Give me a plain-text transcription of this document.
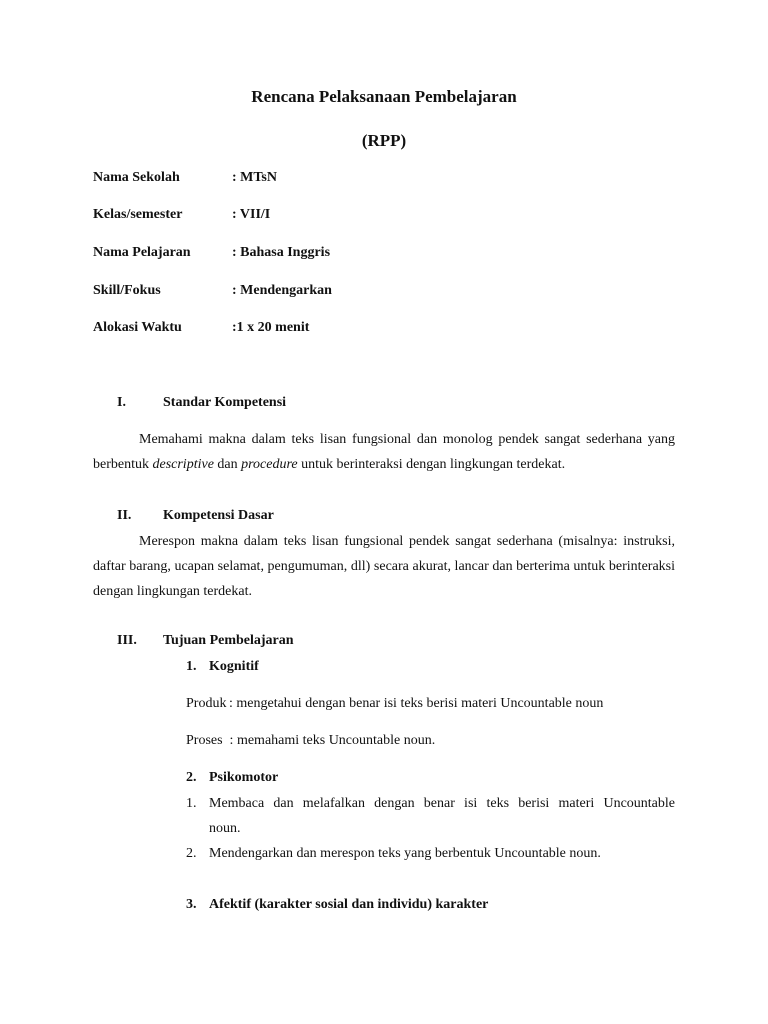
Rencana Pelaksanaan Pembelajaran
(RPP)
Nama Sekolah	: MTsN
Kelas/semester	: VII/I
Nama Pelajaran	: Bahasa Inggris
Skill/Fokus	: Mendengarkan
Alokasi Waktu	:1 x 20 menit
I.	Standar Kompetensi
Memahami makna dalam teks lisan fungsional dan monolog pendek sangat sederhana yang berbentuk descriptive dan procedure untuk berinteraksi dengan lingkungan terdekat.
II. Kompetensi Dasar
Merespon makna dalam teks lisan fungsional pendek sangat sederhana (misalnya: instruksi, daftar barang, ucapan selamat, pengumuman, dll) secara akurat, lancar dan berterima untuk berinteraksi dengan lingkungan terdekat.
III. Tujuan Pembelajaran
1. Kognitif
Produk : mengetahui dengan benar isi teks berisi materi Uncountable noun
Proses  : memahami teks Uncountable noun.
2. Psikomotor
1. Membaca dan melafalkan dengan benar isi teks berisi materi Uncountable
noun.
2. Mendengarkan dan merespon teks yang berbentuk Uncountable noun.
3. Afektif (karakter sosial dan individu) karakter
